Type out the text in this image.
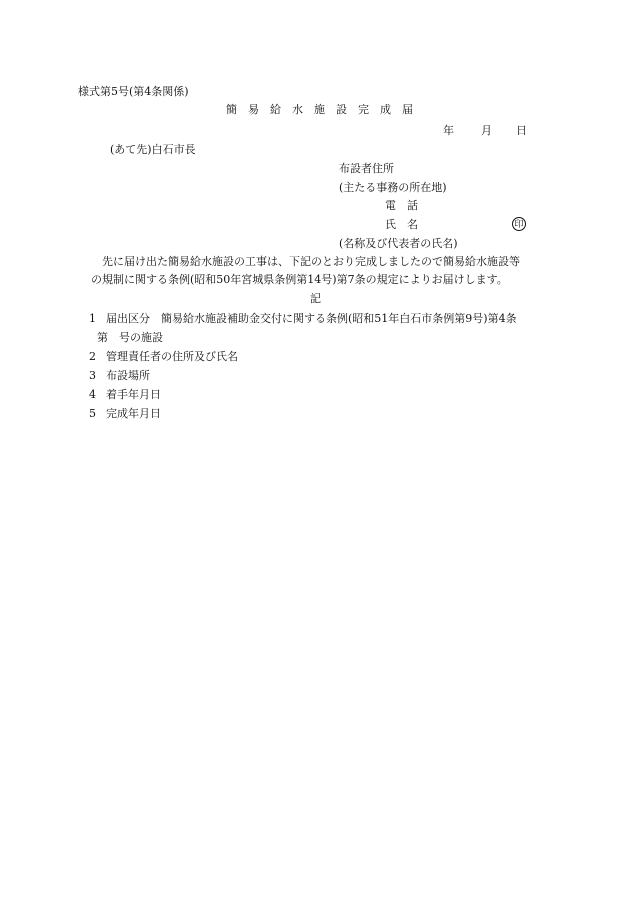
様式第5号(第4条関係)
簡　易　給　水　施　設　完　成　届
年 月 日
(あて先)白石市長
布設者住所
(主たる事務の所在地)
電　話
氏　名	印
(名称及び代表者の氏名)
先に届け出た簡易給水施設の工事は、下記のとおり完成しましたので簡易給水施設等
の規制に関する条例(昭和50年宮城県条例第14号)第7条の規定によりお届けします。
記
1 届出区分　簡易給水施設補助金交付に関する条例(昭和51年白石市条例第9号)第4条
第　号の施設
2 管理責任者の住所及び氏名
3 布設場所
4 着手年月日
5 完成年月日
